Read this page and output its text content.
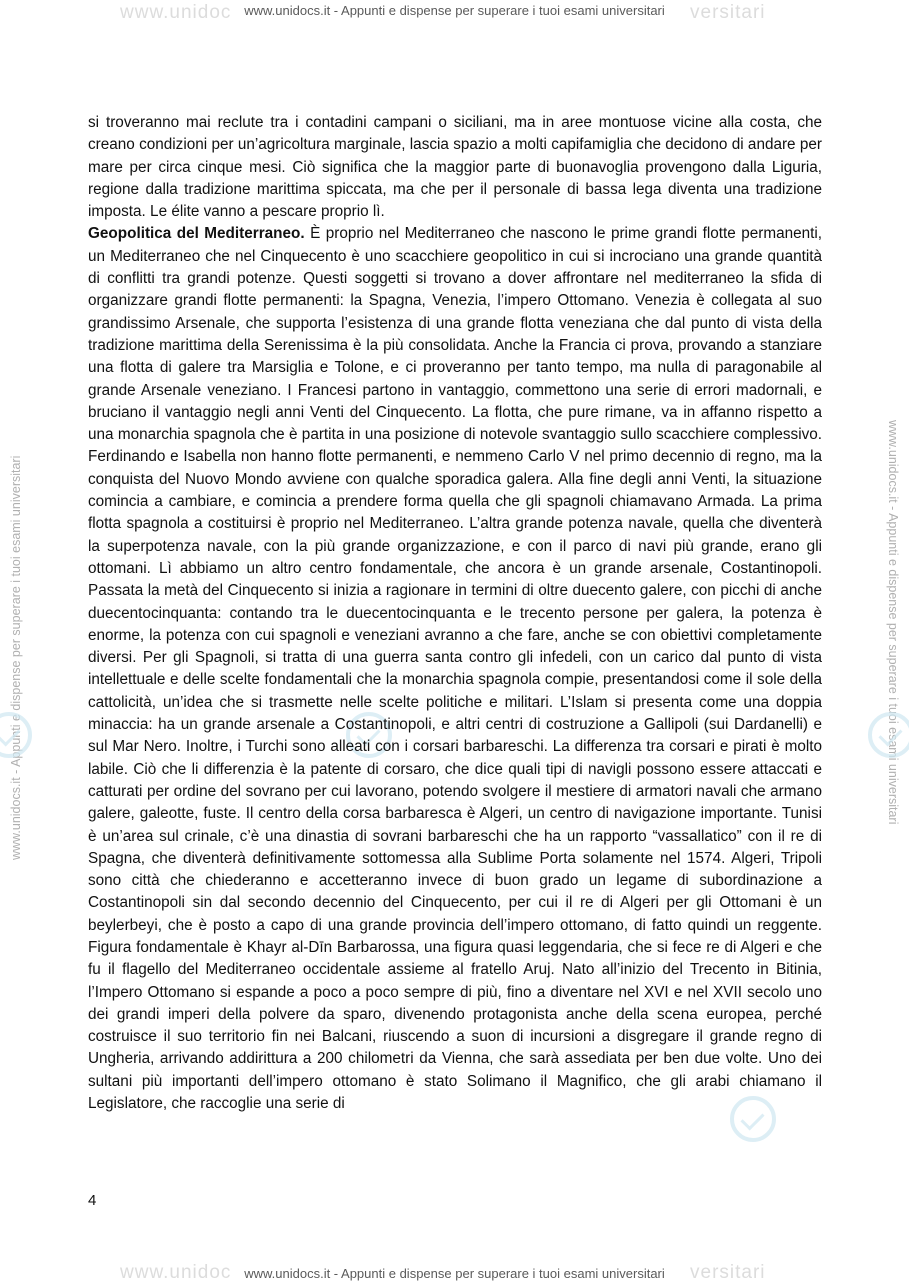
www.unidoc	versitari
www.unidocs.it - Appunti e dispense per superare i tuoi esami universitari
www.unidoc	versitari
www.unidocs.it - Appunti e dispense per superare i tuoi esami universitari
www.unidocs.it - Appunti e dispense per superare i tuoi esami universitari	www.unidocs.it - Appunti e dispense per superare i tuoi esami universitari

si troveranno mai reclute tra i contadini campani o siciliani, ma in aree montuose vicine alla costa, che creano condizioni per un’agricoltura marginale, lascia spazio a molti capifamiglia che decidono di andare per mare per circa cinque mesi. Ciò significa che la maggior parte di buonavoglia provengono dalla Liguria, regione dalla tradizione marittima spiccata, ma che per il personale di bassa lega diventa una tradizione imposta. Le élite vanno a pescare proprio lì.

Geopolitica del Mediterraneo. È proprio nel Mediterraneo che nascono le prime grandi flotte permanenti, un Mediterraneo che nel Cinquecento è uno scacchiere geopolitico in cui si incrociano una grande quantità di conflitti tra grandi potenze. Questi soggetti si trovano a dover affrontare nel mediterraneo la sfida di organizzare grandi flotte permanenti: la Spagna, Venezia, l’impero Ottomano. Venezia è collegata al suo grandissimo Arsenale, che supporta l’esistenza di una grande flotta veneziana che dal punto di vista della tradizione marittima della Serenissima è la più consolidata. Anche la Francia ci prova, provando a stanziare una flotta di galere tra Marsiglia e Tolone, e ci proveranno per tanto tempo, ma nulla di paragonabile al grande Arsenale veneziano. I Francesi partono in vantaggio, commettono una serie di errori madornali, e bruciano il vantaggio negli anni Venti del Cinquecento. La flotta, che pure rimane, va in affanno rispetto a una monarchia spagnola che è partita in una posizione di notevole svantaggio sullo scacchiere complessivo. Ferdinando e Isabella non hanno flotte permanenti, e nemmeno Carlo V nel primo decennio di regno, ma la conquista del Nuovo Mondo avviene con qualche sporadica galera. Alla fine degli anni Venti, la situazione comincia a cambiare, e comincia a prendere forma quella che gli spagnoli chiamavano Armada. La prima flotta spagnola a costituirsi è proprio nel Mediterraneo. L’altra grande potenza navale, quella che diventerà la superpotenza navale, con la più grande organizzazione, e con il parco di navi più grande, erano gli ottomani. Lì abbiamo un altro centro fondamentale, che ancora è un grande arsenale, Costantinopoli. Passata la metà del Cinquecento si inizia a ragionare in termini di oltre duecento galere, con picchi di anche duecentocinquanta: contando tra le duecentocinquanta e le trecento persone per galera, la potenza è enorme, la potenza con cui spagnoli e veneziani avranno a che fare, anche se con obiettivi completamente diversi. Per gli Spagnoli, si tratta di una guerra santa contro gli infedeli, con un carico dal punto di vista intellettuale e delle scelte fondamentali che la monarchia spagnola compie, presentandosi come il sole della cattolicità, un’idea che si trasmette nelle scelte politiche e militari. L’Islam si presenta come una doppia minaccia: ha un grande arsenale a Costantinopoli, e altri centri di costruzione a Gallipoli (sui Dardanelli) e sul Mar Nero. Inoltre, i Turchi sono alleati con i corsari barbareschi. La differenza tra corsari e pirati è molto labile. Ciò che li differenzia è la patente di corsaro, che dice quali tipi di navigli possono essere attaccati e catturati per ordine del sovrano per cui lavorano, potendo svolgere il mestiere di armatori navali che armano galere, galeotte, fuste. Il centro della corsa barbaresca è Algeri, un centro di navigazione importante. Tunisi è un’area sul crinale, c’è una dinastia di sovrani barbareschi che ha un rapporto “vassallatico” con il re di Spagna, che diventerà definitivamente sottomessa alla Sublime Porta solamente nel 1574. Algeri, Tripoli sono città che chiederanno e accetteranno invece di buon grado un legame di subordinazione a Costantinopoli sin dal secondo decennio del Cinquecento, per cui il re di Algeri per gli Ottomani è un beylerbeyi, che è posto a capo di una grande provincia dell’impero ottomano, di fatto quindi un reggente. Figura fondamentale è Khayr al-Dīn Barbarossa, una figura quasi leggendaria, che si fece re di Algeri e che fu il flagello del Mediterraneo occidentale assieme al fratello Aruj. Nato all’inizio del Trecento in Bitinia, l’Impero Ottomano si espande a poco a poco sempre di più, fino a diventare nel XVI e nel XVII secolo uno dei grandi imperi della polvere da sparo, divenendo protagonista anche della scena europea, perché costruisce il suo territorio fin nei Balcani, riuscendo a suon di incursioni a disgregare il grande regno di Ungheria, arrivando addirittura a 200 chilometri da Vienna, che sarà assediata per ben due volte. Uno dei sultani più importanti dell’impero ottomano è stato Solimano il Magnifico, che gli arabi chiamano il Legislatore, che raccoglie una serie di

4
